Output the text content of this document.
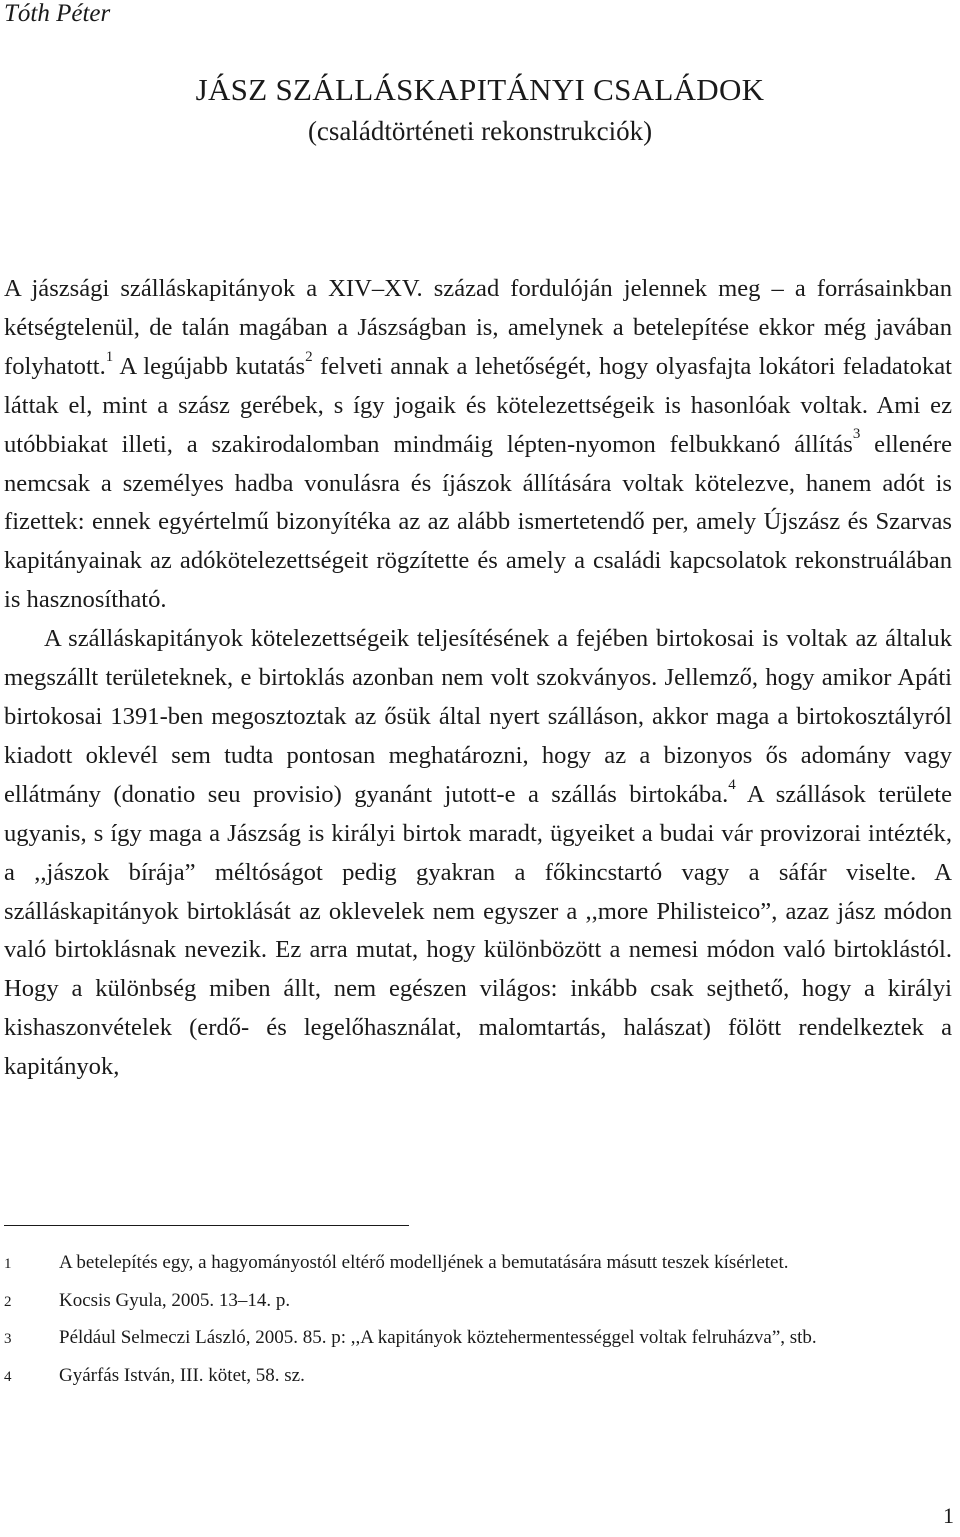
Tóth Péter
JÁSZ SZÁLLÁSKAPITÁNYI CSALÁDOK
(családtörténeti rekonstrukciók)

A jászsági szálláskapitányok a XIV–XV. század fordulóján jelennek meg – a forrásainkban kétségtelenül, de talán magában a Jászságban is, amelynek a betelepítése ekkor még javában folyhatott.$^1$ A legújabb kutatás$^2$ felveti annak a lehetőségét, hogy olyasfajta lokátori feladatokat láttak el, mint a szász gerébek, s így jogaik és kötelezettségeik is hasonlóak voltak. Ami ez utóbbiakat illeti, a szakirodalomban mindmáig lépten-nyomon felbukkanó állítás$^3$ ellenére nemcsak a személyes hadba vonulásra és íjászok állítására voltak kötelezve, hanem adót is fizettek: ennek egyértelmű bizonyítéka az az alább ismertetendő per, amely Újszász és Szarvas kapitányainak az adókötelezettségeit rögzítette és amely a családi kapcsolatok rekonstruálában is hasznosítható.

A szálláskapitányok kötelezettségeik teljesítésének a fejében birtokosai is voltak az általuk megszállt területeknek, e birtoklás azonban nem volt szokványos. Jellemző, hogy amikor Apáti birtokosai 1391-ben megosztoztak az ősük által nyert szálláson, akkor maga a birtokosztályról kiadott oklevél sem tudta pontosan meghatározni, hogy az a bizonyos ős adomány vagy ellátmány (donatio seu provisio) gyanánt jutott-e a szállás birtokába.$^4$ A szállások területe ugyanis, s így maga a Jászság is királyi birtok maradt, ügyeiket a budai vár provizorai intézték, a ,,jászok bírája” méltóságot pedig gyakran a főkincstartó vagy a sáfár viselte. A szálláskapitányok birtoklását az oklevelek nem egyszer a ,,more Philisteico”, azaz jász módon való birtoklásnak nevezik. Ez arra mutat, hogy különbözött a nemesi módon való birtoklástól. Hogy a különbség miben állt, nem egészen világos: inkább csak sejthető, hogy a királyi kishaszonvételek (erdő- és legelőhasználat, malomtartás, halászat) fölött rendelkeztek a kapitányok,

1	A betelepítés egy, a hagyományostól eltérő modelljének a bemutatására másutt teszek kísérletet.
2	Kocsis Gyula, 2005. 13–14. p.
3	Például Selmeczi László, 2005. 85. p: ,,A kapitányok köztehermentességgel voltak felruházva”, stb.
4	Gyárfás István, III. kötet, 58. sz.
1
